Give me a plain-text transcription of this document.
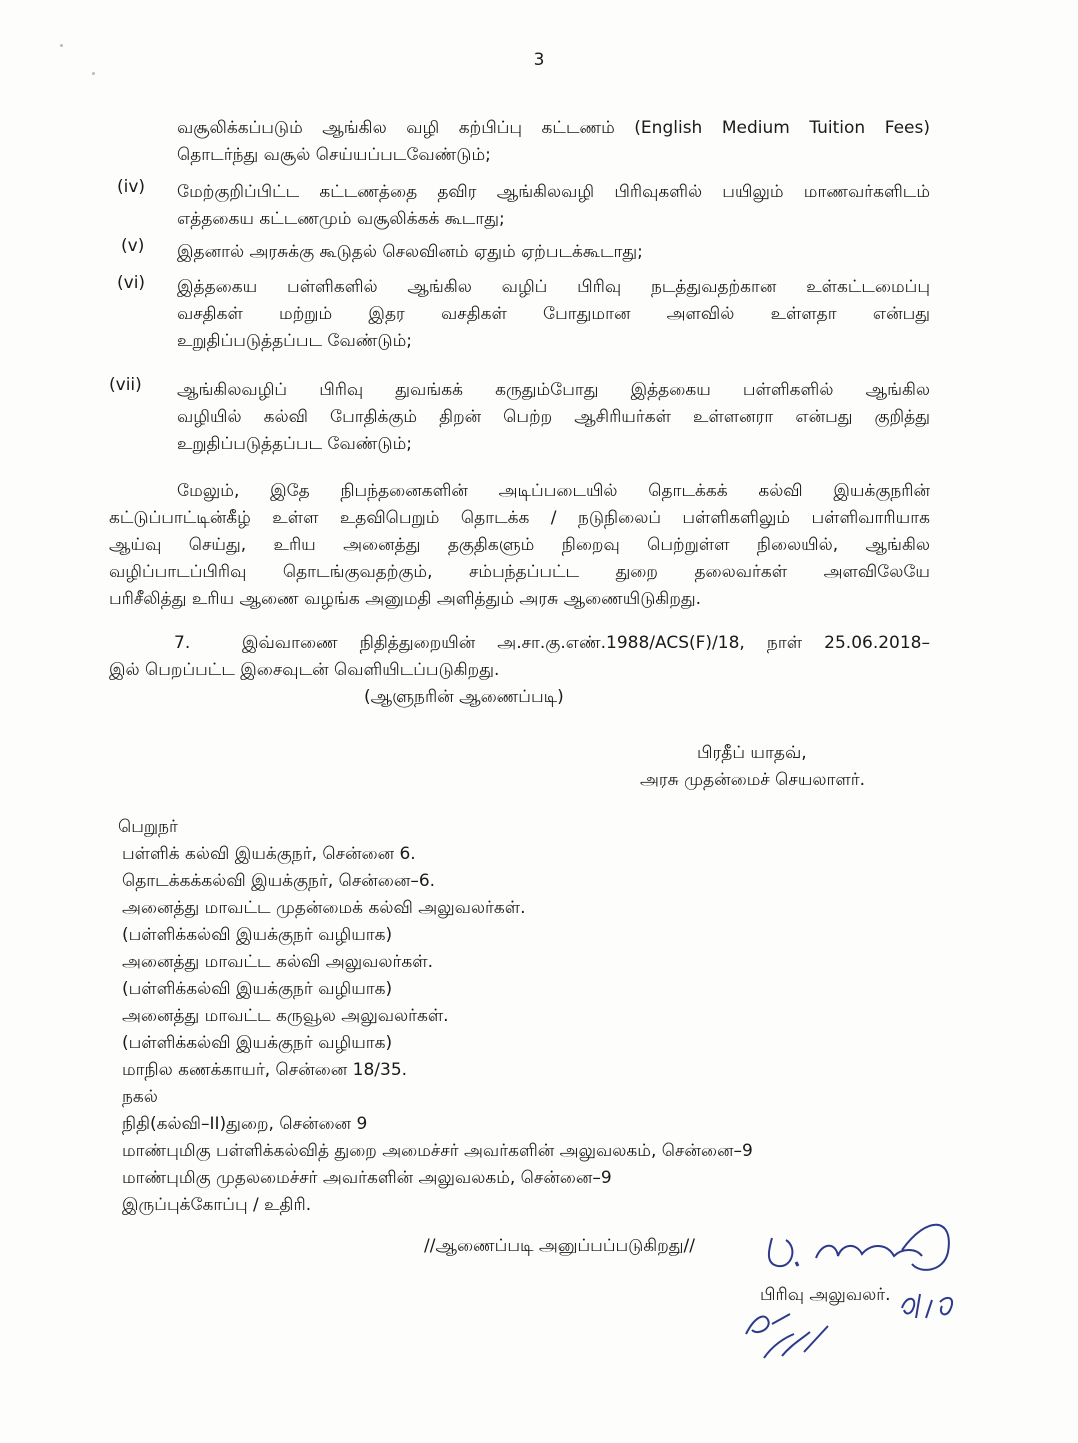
3
வசூலிக்கப்படும் ஆங்கில வழி கற்பிப்பு கட்டணம் (English Medium Tuition Fees)
தொடர்ந்து வசூல் செய்யப்படவேண்டும்;
(iv) மேற்குறிப்பிட்ட கட்டணத்தை தவிர ஆங்கிலவழி பிரிவுகளில் பயிலும் மாணவர்களிடம்
எத்தகைய கட்டணமும் வசூலிக்கக் கூடாது;
(v) இதனால் அரசுக்கு கூடுதல் செலவினம் ஏதும் ஏற்படக்கூடாது;
(vi) இத்தகைய பள்ளிகளில் ஆங்கில வழிப் பிரிவு நடத்துவதற்கான உள்கட்டமைப்பு
வசதிகள் மற்றும் இதர வசதிகள் போதுமான அளவில் உள்ளதா என்பது
உறுதிப்படுத்தப்பட வேண்டும்;
(vii) ஆங்கிலவழிப் பிரிவு துவங்கக் கருதும்போது இத்தகைய பள்ளிகளில் ஆங்கில
வழியில் கல்வி போதிக்கும் திறன் பெற்ற ஆசிரியர்கள் உள்ளனரா என்பது குறித்து
உறுதிப்படுத்தப்பட வேண்டும்;
மேலும், இதே நிபந்தனைகளின் அடிப்படையில் தொடக்கக் கல்வி இயக்குநரின்
கட்டுப்பாட்டின்கீழ் உள்ள உதவிபெறும் தொடக்க / நடுநிலைப் பள்ளிகளிலும் பள்ளிவாரியாக
ஆய்வு செய்து, உரிய அனைத்து தகுதிகளும் நிறைவு பெற்றுள்ள நிலையில், ஆங்கில
வழிப்பாடப்பிரிவு தொடங்குவதற்கும், சம்பந்தப்பட்ட துறை தலைவர்கள் அளவிலேயே
பரிசீலித்து உரிய ஆணை வழங்க அனுமதி அளித்தும் அரசு ஆணையிடுகிறது.
7.	இவ்வாணை நிதித்துறையின் அ.சா.கு.எண்.1988/ACS(F)/18, நாள் 25.06.2018–
இல் பெறப்பட்ட இசைவுடன் வெளியிடப்படுகிறது.
(ஆளுநரின் ஆணைப்படி)
பிரதீப் யாதவ்,
அரசு முதன்மைச் செயலாளர்.
பெறுநர்
பள்ளிக் கல்வி இயக்குநர், சென்னை 6.
தொடக்கக்கல்வி இயக்குநர், சென்னை–6.
அனைத்து மாவட்ட முதன்மைக் கல்வி அலுவலர்கள்.
(பள்ளிக்கல்வி இயக்குநர் வழியாக)
அனைத்து மாவட்ட கல்வி அலுவலர்கள்.
(பள்ளிக்கல்வி இயக்குநர் வழியாக)
அனைத்து மாவட்ட கருவூல அலுவலர்கள்.
(பள்ளிக்கல்வி இயக்குநர் வழியாக)
மாநில கணக்காயர், சென்னை 18/35.
நகல்
நிதி(கல்வி–II)துறை, சென்னை 9
மாண்புமிகு பள்ளிக்கல்வித் துறை அமைச்சர் அவர்களின் அலுவலகம், சென்னை–9
மாண்புமிகு முதலமைச்சர் அவர்களின் அலுவலகம், சென்னை–9
இருப்புக்கோப்பு / உதிரி.
//ஆணைப்படி அனுப்பப்படுகிறது//
பிரிவு அலுவலர்.
